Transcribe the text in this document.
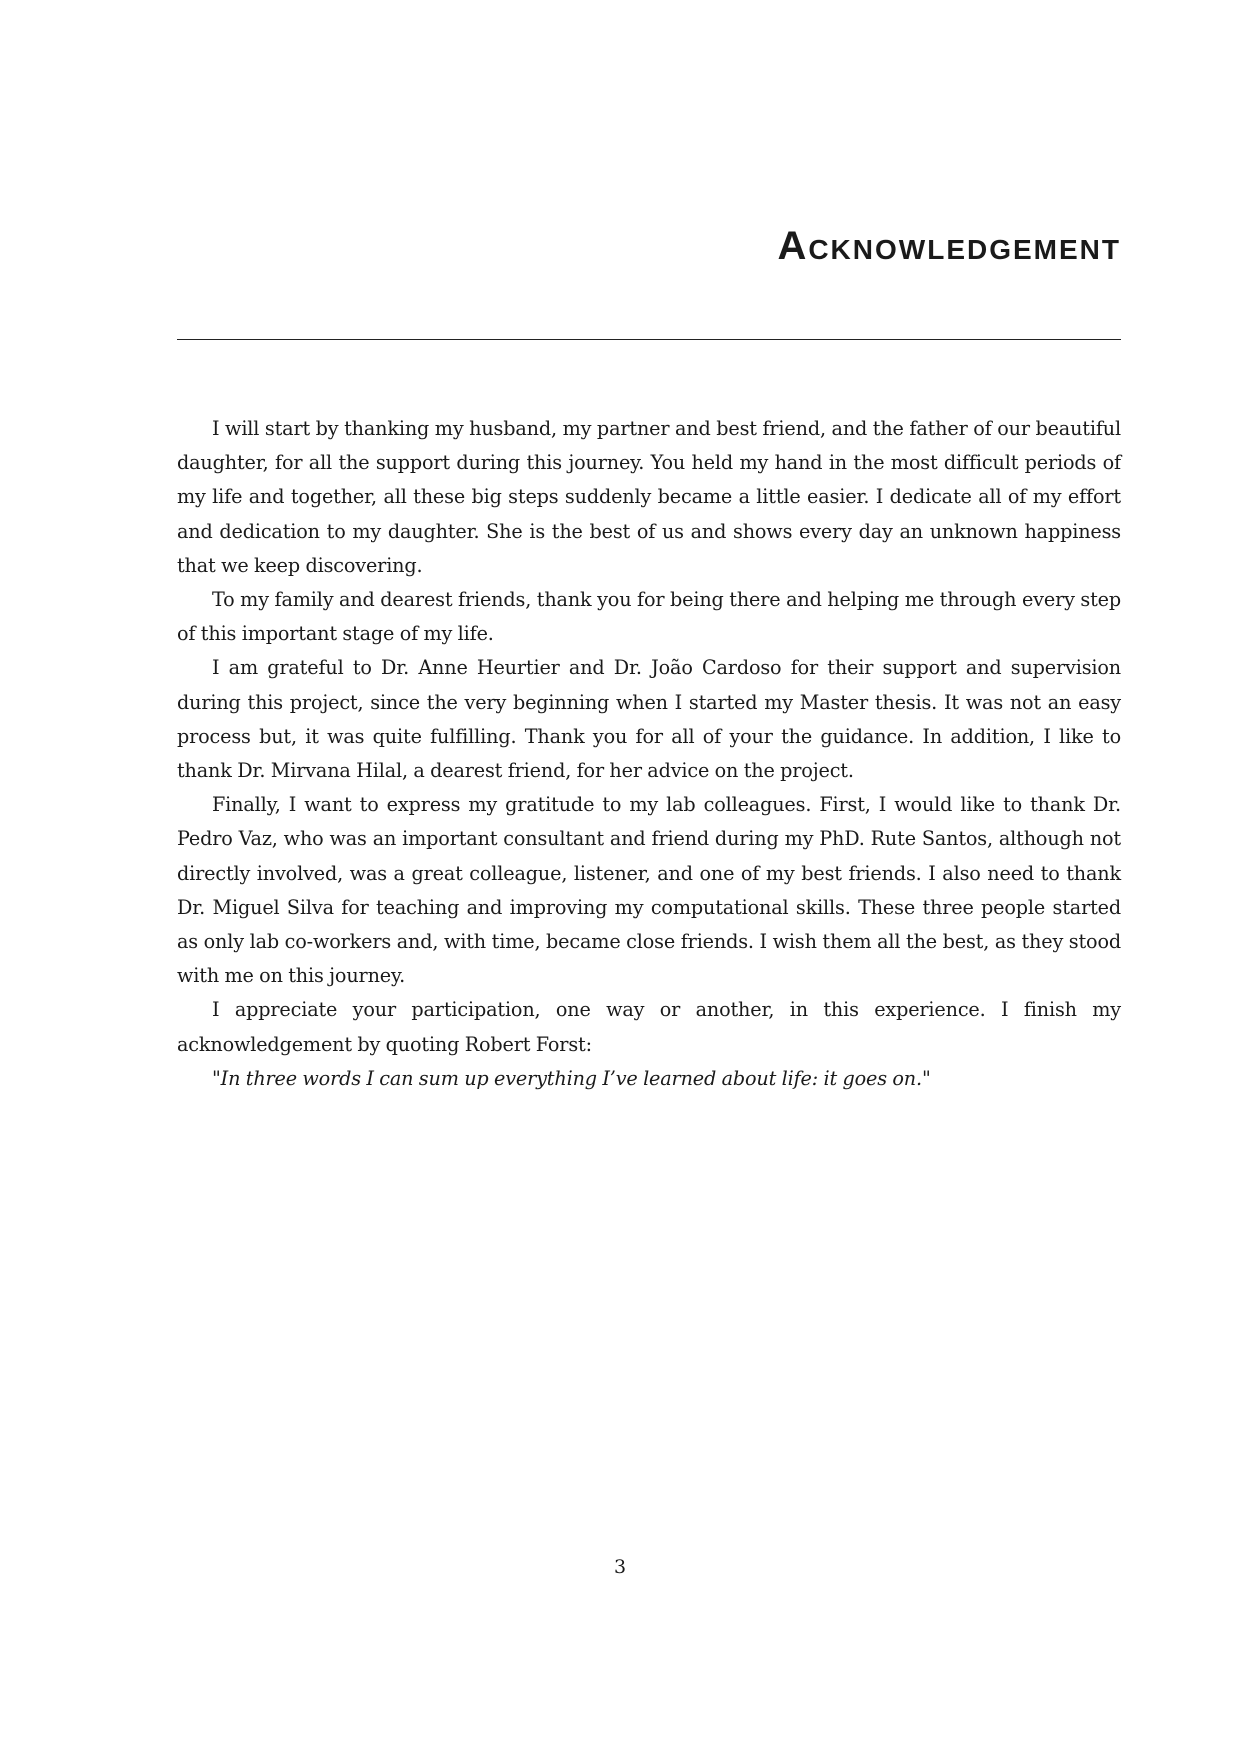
Acknowledgement

I will start by thanking my husband, my partner and best friend, and the father of our beautiful daughter, for all the support during this journey. You held my hand in the most difficult periods of my life and together, all these big steps suddenly became a little easier. I dedicate all of my effort and dedication to my daughter. She is the best of us and shows every day an unknown happiness that we keep discovering.

To my family and dearest friends, thank you for being there and helping me through every step of this important stage of my life.

I am grateful to Dr. Anne Heurtier and Dr. João Cardoso for their support and supervision during this project, since the very beginning when I started my Master thesis. It was not an easy process but, it was quite fulfilling. Thank you for all of your the guidance. In addition, I like to thank Dr. Mirvana Hilal, a dearest friend, for her advice on the project.

Finally, I want to express my gratitude to my lab colleagues. First, I would like to thank Dr. Pedro Vaz, who was an important consultant and friend during my PhD. Rute Santos, although not directly involved, was a great colleague, listener, and one of my best friends. I also need to thank Dr. Miguel Silva for teaching and improving my computational skills. These three people started as only lab co-workers and, with time, became close friends. I wish them all the best, as they stood with me on this journey.

I appreciate your participation, one way or another, in this experience. I finish my acknowledgement by quoting Robert Forst:

"In three words I can sum up everything I’ve learned about life: it goes on."

3
